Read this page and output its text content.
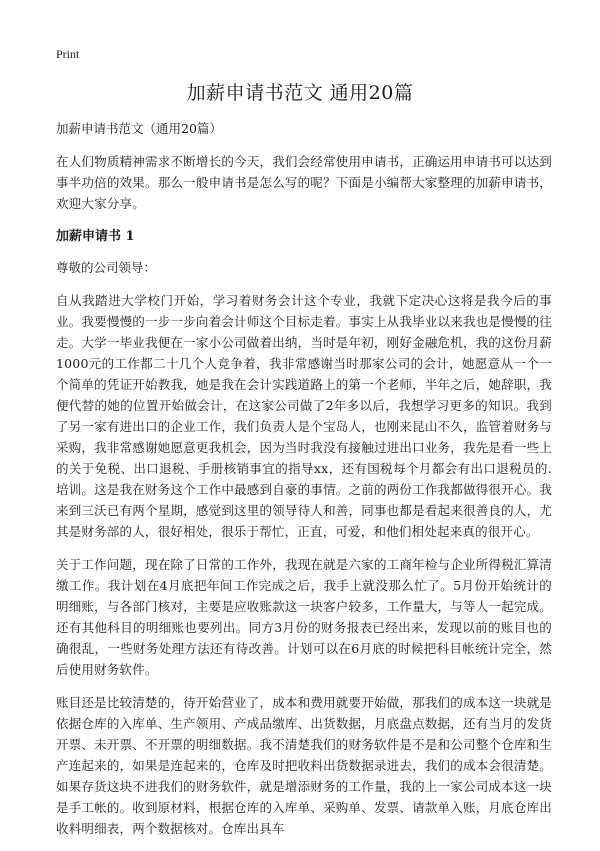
Print
加薪申请书范文 通用20篇

加薪申请书范文（通用20篇）

在人们物质精神需求不断增长的今天，我们会经常使用申请书，正确运用申请书可以达到事半功倍的效果。那么一般申请书是怎么写的呢？下面是小编帮大家整理的加薪申请书，欢迎大家分享。

加薪申请书 1

尊敬的公司领导：

自从我踏进大学校门开始，学习着财务会计这个专业，我就下定决心这将是我今后的事业。我要慢慢的一步一步向着会计师这个目标走着。事实上从我毕业以来我也是慢慢的往走。大学一毕业我便在一家小公司做着出纳，当时是年初，刚好金融危机，我的这份月薪1000元的工作都二十几个人竞争着，我非常感谢当时那家公司的会计，她愿意从一个一个简单的凭证开始教我，她是我在会计实践道路上的第一个老师，半年之后，她辞职，我便代替的她的位置开始做会计，在这家公司做了2年多以后，我想学习更多的知识。我到了另一家有进出口的企业工作，我们负责人是个宝岛人，也刚来昆山不久，监管着财务与采购，我非常感谢她愿意更我机会，因为当时我没有接触过进出口业务，我先是看一些上的关于免税、出口退税、手册核销事宜的指导xx，还有国税每个月都会有出口退税员的.培训。这是我在财务这个工作中最感到自豪的事情。之前的两份工作我都做得很开心。我来到三沃已有两个星期，感觉到这里的领导待人和善，同事也都是看起来很善良的人，尤其是财务部的人，很好相处，很乐于帮忙，正直，可爱，和他们相处起来真的很开心。

关于工作问题，现在除了日常的工作外，我现在就是六家的工商年检与企业所得税汇算清缴工作。我计划在4月底把年间工作完成之后，我手上就没那么忙了。5月份开始统计的明细账，与各部门核对，主要是应收账款这一块客户较多，工作量大，与等人一起完成。还有其他科目的明细账也要列出。同方3月份的财务报表已经出来，发现以前的账目也的确很乱，一些财务处理方法还有待改善。计划可以在6月底的时候把科目帐统计完全，然后使用财务软件。

账目还是比较清楚的，待开始营业了，成本和费用就要开始做，那我们的成本这一块就是依据仓库的入库单、生产领用、产成品缴库、出货数据，月底盘点数据，还有当月的发货开票、未开票、不开票的明细数据。我不清楚我们的财务软件是不是和公司整个仓库和生产连起来的，如果是连起来的，仓库及时把收料出货数据录进去，我们的成本会很清楚。如果存货这块不进我们的财务软件，就是增添财务的工作量，我的上一家公司成本这一块是手工帐的。收到原材料，根据仓库的入库单、采购单、发票、请款单入账，月底仓库出收料明细表，两个数据核对。仓库出具车
